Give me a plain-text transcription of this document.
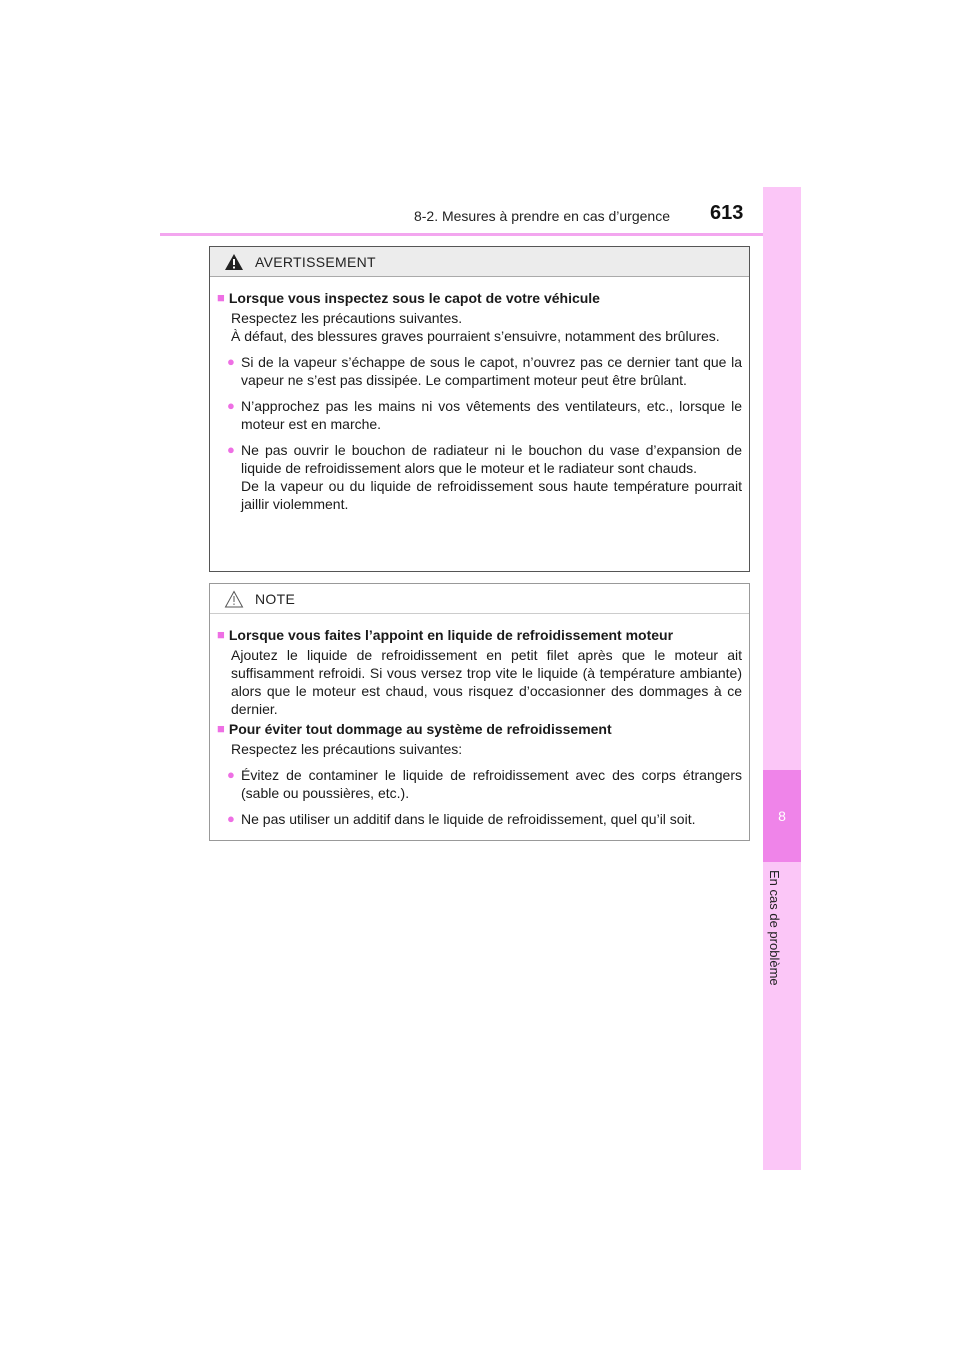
8-2. Mesures à prendre en cas d’urgence 613
8
En cas de problème
AVERTISSEMENT
■ Lorsque vous inspectez sous le capot de votre véhicule
Respectez les précautions suivantes.
À défaut, des blessures graves pourraient s’ensuivre, notamment des brûlures.
● Si de la vapeur s’échappe de sous le capot, n’ouvrez pas ce dernier tant que la vapeur ne s’est pas dissipée. Le compartiment moteur peut être brûlant.
● N’approchez pas les mains ni vos vêtements des ventilateurs, etc., lorsque le moteur est en marche.
● Ne pas ouvrir le bouchon de radiateur ni le bouchon du vase d’expansion de liquide de refroidissement alors que le moteur et le radiateur sont chauds.
De la vapeur ou du liquide de refroidissement sous haute température pourrait jaillir violemment.
NOTE
■ Lorsque vous faites l’appoint en liquide de refroidissement moteur
Ajoutez le liquide de refroidissement en petit filet après que le moteur ait suffisamment refroidi. Si vous versez trop vite le liquide (à température ambiante) alors que le moteur est chaud, vous risquez d’occasionner des dommages à ce dernier.
■ Pour éviter tout dommage au système de refroidissement
Respectez les précautions suivantes:
● Évitez de contaminer le liquide de refroidissement avec des corps étrangers (sable ou poussières, etc.).
● Ne pas utiliser un additif dans le liquide de refroidissement, quel qu’il soit.
